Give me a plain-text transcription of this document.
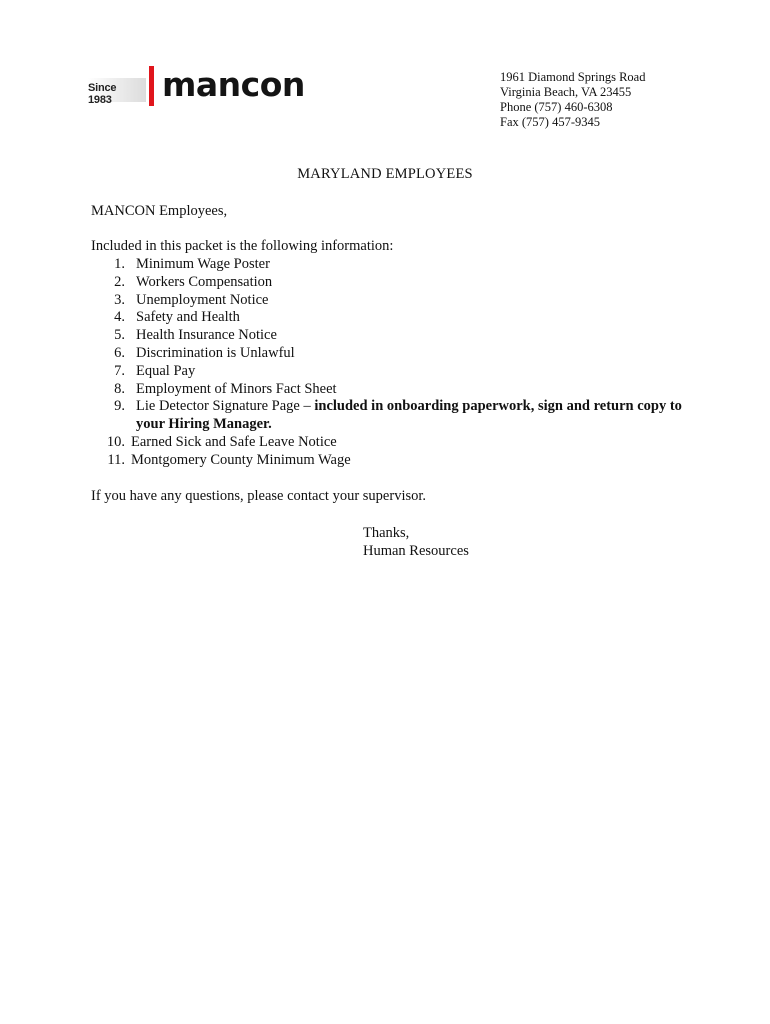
Since 1983	mancon	1961 Diamond Springs Road
Virginia Beach, VA 23455
Phone (757) 460-6308
Fax (757) 457-9345
MARYLAND EMPLOYEES
MANCON Employees,
Included in this packet is the following information:
1. Minimum Wage Poster
2. Workers Compensation
3. Unemployment Notice
4. Safety and Health
5. Health Insurance Notice
6. Discrimination is Unlawful
7. Equal Pay
8. Employment of Minors Fact Sheet
9. Lie Detector Signature Page – included in onboarding paperwork, sign and return copy to your Hiring Manager.
10. Earned Sick and Safe Leave Notice
11. Montgomery County Minimum Wage
If you have any questions, please contact your supervisor.
Thanks,
Human Resources
